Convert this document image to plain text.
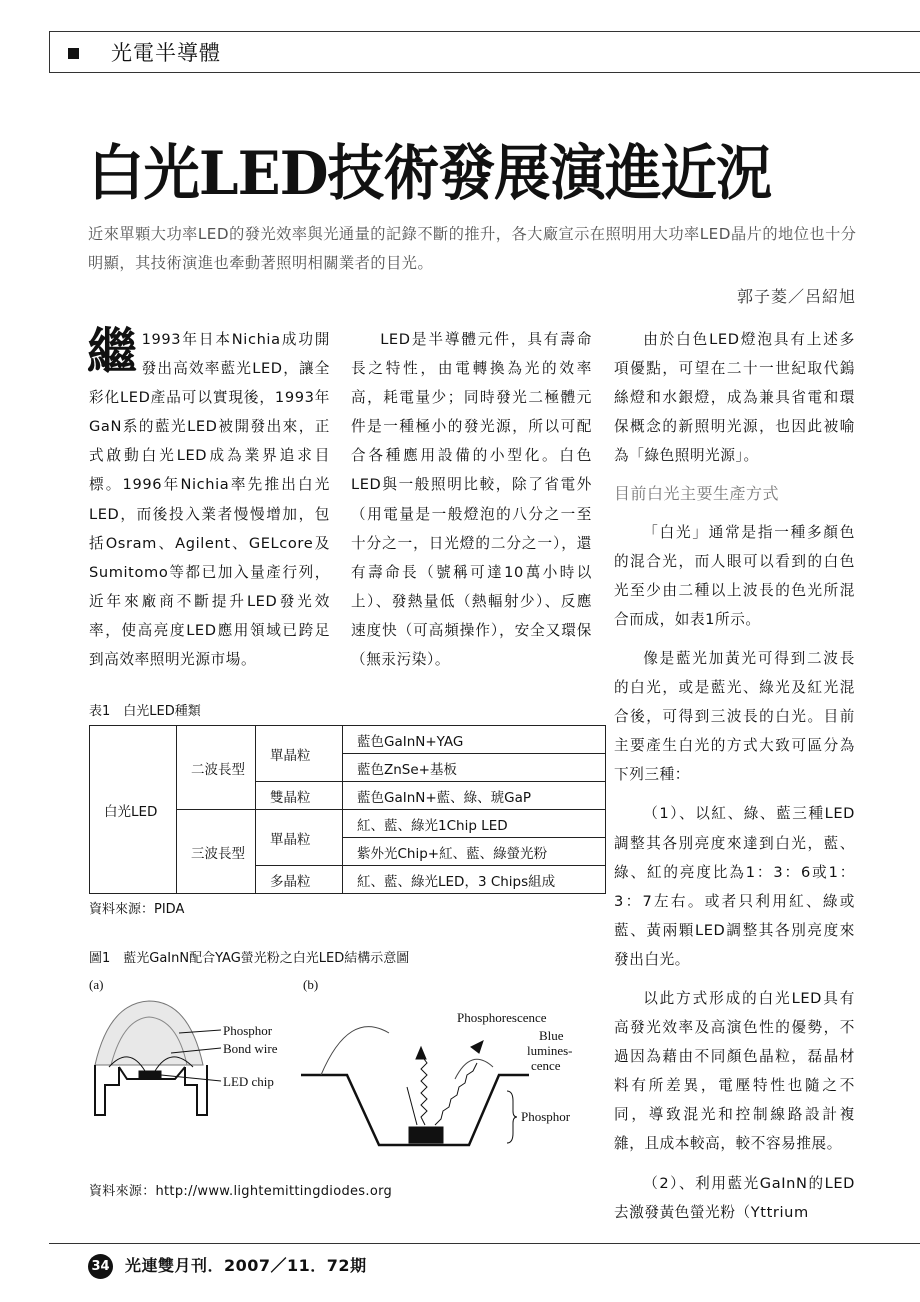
光電半導體
白光LED技術發展演進近況
近來單顆大功率LED的發光效率與光通量的記錄不斷的推升，各大廠宣示在照明用大功率LED晶片的地位也十分明顯，其技術演進也牽動著照明相關業者的目光。
郭子菱／呂紹旭

繼 1993年日本Nichia成功開發出高效率藍光LED，讓全彩化LED產品可以實現後，1993年GaN系的藍光LED被開發出來，正式啟動白光LED成為業界追求目標。1996年Nichia率先推出白光LED，而後投入業者慢慢增加，包括Osram、Agilent、GELcore及Sumitomo等都已加入量產行列，近年來廠商不斷提升LED發光效率，使高亮度LED應用領域已跨足到高效率照明光源市場。

LED是半導體元件，具有壽命長之特性，由電轉換為光的效率高，耗電量少；同時發光二極體元件是一種極小的發光源，所以可配合各種應用設備的小型化。白色LED與一般照明比較，除了省電外（用電量是一般燈泡的八分之一至十分之一，日光燈的二分之一），還有壽命長（號稱可達10萬小時以上）、發熱量低（熱輻射少）、反應速度快（可高頻操作），安全又環保（無汞污染）。

由於白色LED燈泡具有上述多項優點，可望在二十一世紀取代鎢絲燈和水銀燈，成為兼具省電和環保概念的新照明光源，也因此被喻為「綠色照明光源」。

目前白光主要生產方式

「白光」通常是指一種多顏色的混合光，而人眼可以看到的白色光至少由二種以上波長的色光所混合而成，如表1所示。

像是藍光加黃光可得到二波長的白光，或是藍光、綠光及紅光混合後，可得到三波長的白光。目前主要產生白光的方式大致可區分為下列三種：

（1）、以紅、綠、藍三種LED調整其各別亮度來達到白光，藍、綠、紅的亮度比為1：3：6或1：3：7左右。或者只利用紅、綠或藍、黃兩顆LED調整其各別亮度來發出白光。

以此方式形成的白光LED具有高發光效率及高演色性的優勢，不過因為藉由不同顏色晶粒，磊晶材料有所差異，電壓特性也隨之不同，導致混光和控制線路設計複雜，且成本較高，較不容易推展。

（2）、利用藍光GaInN的LED去激發黃色螢光粉（Yttrium

表1　白光LED種類
白光LED	二波長型	單晶粒	藍色GaInN+YAG
			藍色ZnSe+基板
		雙晶粒	藍色GaInN+藍、綠、琥GaP
	三波長型	單晶粒	紅、藍、綠光1Chip LED
			紫外光Chip+紅、藍、綠螢光粉
		多晶粒	紅、藍、綠光LED，3 Chips組成
資料來源：PIDA
圖1　藍光GaInN配合YAG螢光粉之白光LED結構示意圖
(a)
Phosphor
Bond wire
LED chip
(b)
Phosphorescence
Blue
lumines-
cence
Phosphor
資料來源：http://www.lightemittingdiodes.org
34 光連雙月刊．2007／11．72期
